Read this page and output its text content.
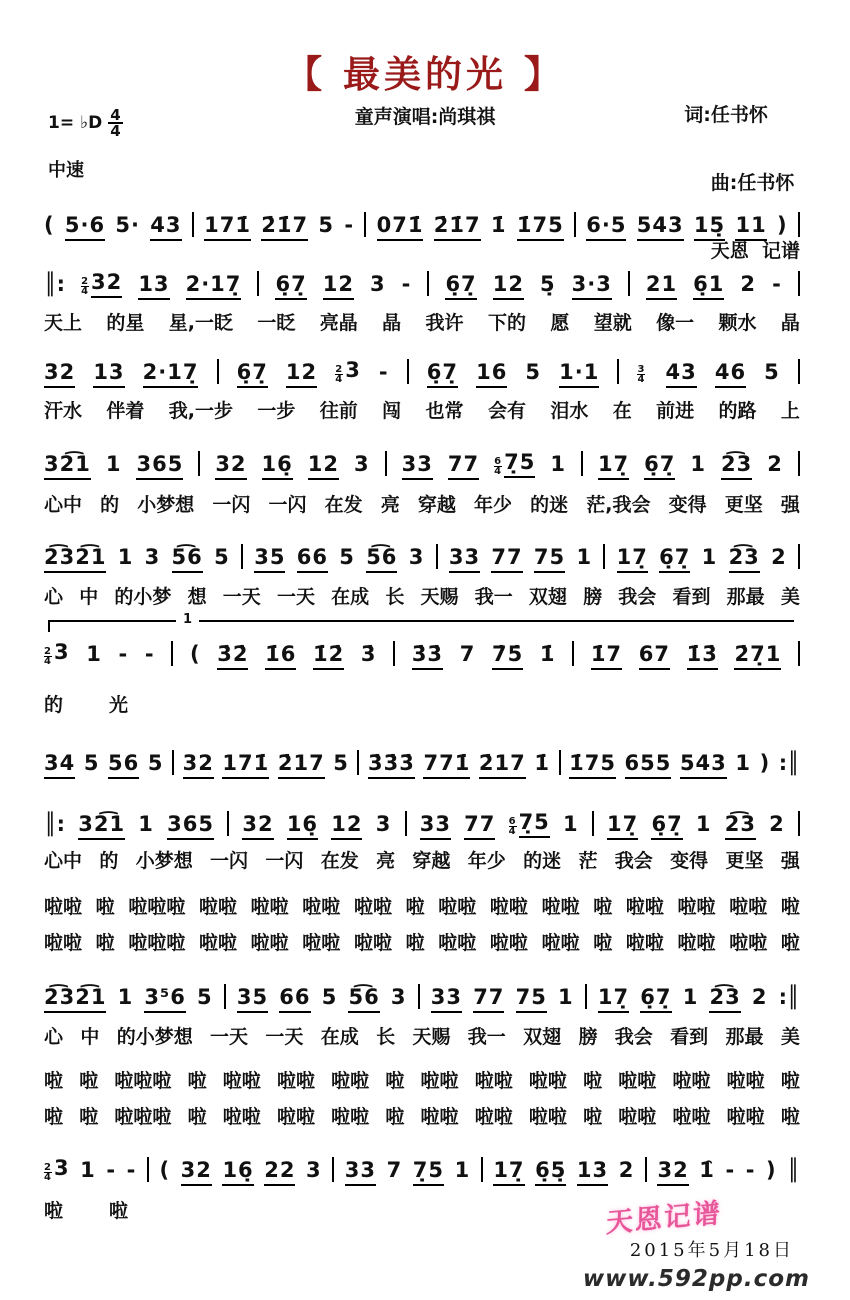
【 最美的光 】
童声演唱:尚琪祺	词:任书怀

曲:任书怀

天恩  记谱
1= ♭D 4
4
中速
( 5·6 5· 43 171̇ 2̇1̇7 5 - 071̇ 2̇1̇7 1̇ 1̇75 6·5 543 15̣ 11 )
║: $\frac{2}{4} 32$ 13 2·17̣ 6̣7̣ 12 3 - 6̣7̣ 12 5̣ 3·3 21 6̣1 2 -
天上 的星 星,一眨 一眨 亮晶 晶 我许 下的 愿 望就 像一 颗水 晶
32 13 2·17̣ 6̣7̣ $12 \frac{2}{4} 3$ - 6̣7̣ 16 5 1·1	$\frac{3}{4} 43$ 46 5
汗水 伴着 我,一步 一步 往前 闯 也常 会有 泪水 在 前进 的路 上
32͡1 1 365 32 16̣ 12 3 33 $77 \frac{6}{4}$ 7̣5 1 17̣ 6̣7̣ 1 2͡3 2
心中 的 小梦想 一闪 一闪 在发 亮 穿越 年少 的迷 茫,我会 变得 更坚 强
2͡32͡1 1 3 5͡6 5 35 66 5 5͡6 3 33 77 75 1 17̣ 6̣7̣ 1 2͡3 2
心 中 的小梦 想 一天 一天 在成 长 天赐 我一 双翅 膀 我会 看到 那最 美
1
$\frac{2}{4} 3$ 1 - - ( 3̇2̇ 1̇6 1̇2̇ 3̇ 3̇3̇ 7 7̇5̇ 1̇ 1̇7 67 1̇3̇ 2̇7̣1
的 光
34 5 56 5 32 171̇ 2̇17 5 3̇3̇3̇ 771̇ 2̇17 1̇ 1̇75 655 543 1 ) :║
║: 32͡1 1 365 32 16̣ 12 3 33 $77 \frac{6}{4}$ 7̣5 1 17̣ 6̣7̣ 1 2͡3 2
心中 的 小梦想 一闪 一闪 在发 亮 穿越 年少 的迷 茫 我会 变得 更坚 强
啦啦 啦 啦啦啦 啦啦 啦啦 啦啦 啦啦 啦 啦啦 啦啦 啦啦 啦 啦啦 啦啦 啦啦 啦
啦啦 啦 啦啦啦 啦啦 啦啦 啦啦 啦啦 啦 啦啦 啦啦 啦啦 啦 啦啦 啦啦 啦啦 啦
2͡32͡1 1 3⁵6 5 35 66 5 5͡6 3 33 77 75 1 17̣ 6̣7̣ 1 2͡3 2 :║
心 中 的小梦想 一天 一天 在成 长 天赐 我一 双翅 膀 我会 看到 那最 美
啦 啦 啦啦啦 啦 啦啦 啦啦 啦啦 啦 啦啦 啦啦 啦啦 啦 啦啦 啦啦 啦啦 啦
啦 啦 啦啦啦 啦 啦啦 啦啦 啦啦 啦 啦啦 啦啦 啦啦 啦 啦啦 啦啦 啦啦 啦
$\frac{2}{4} 3$ 1 - - ( 32 16̣ 22 3 33 7 7̣5 1 17̣ 6̣5̣ 13 2 32 1̑ - - ) ║
啦 啦	天恩记谱
2015年5月18日
www.592pp.com
